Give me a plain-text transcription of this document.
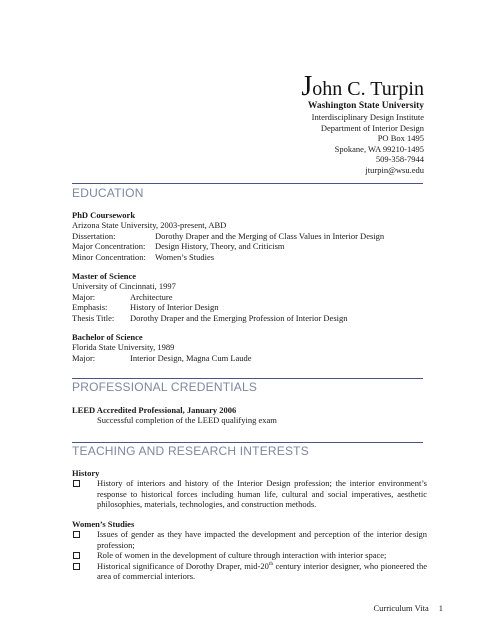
John C. Turpin
Washington State University
Interdisciplinary Design Institute
Department of Interior Design
PO Box 1495
Spokane, WA 99210-1495
509-358-7944
jturpin@wsu.edu
EDUCATION
PhD Coursework
Arizona State University, 2003-present, ABD
Dissertation:	Dorothy Draper and the Merging of Class Values in Interior Design
Major Concentration:	Design History, Theory, and Criticism
Minor Concentration:	Women’s Studies
Master of Science
University of Cincinnati, 1997
Major:	Architecture
Emphasis:	History of Interior Design
Thesis Title:	Dorothy Draper and the Emerging Profession of Interior Design
Bachelor of Science
Florida State University, 1989
Major:	Interior Design, Magna Cum Laude
PROFESSIONAL CREDENTIALS
LEED Accredited Professional, January 2006
Successful completion of the LEED qualifying exam
TEACHING AND RESEARCH INTERESTS
History
History of interiors and history of the Interior Design profession; the interior environment’s response to historical forces including human life, cultural and social imperatives, aesthetic philosophies, materials, technologies, and construction methods.
Women’s Studies
Issues of gender as they have impacted the development and perception of the interior design profession;
Role of women in the development of culture through interaction with interior space;
Historical significance of Dorothy Draper, mid-20th century interior designer, who pioneered the area of commercial interiors.
Curriculum Vita 1
